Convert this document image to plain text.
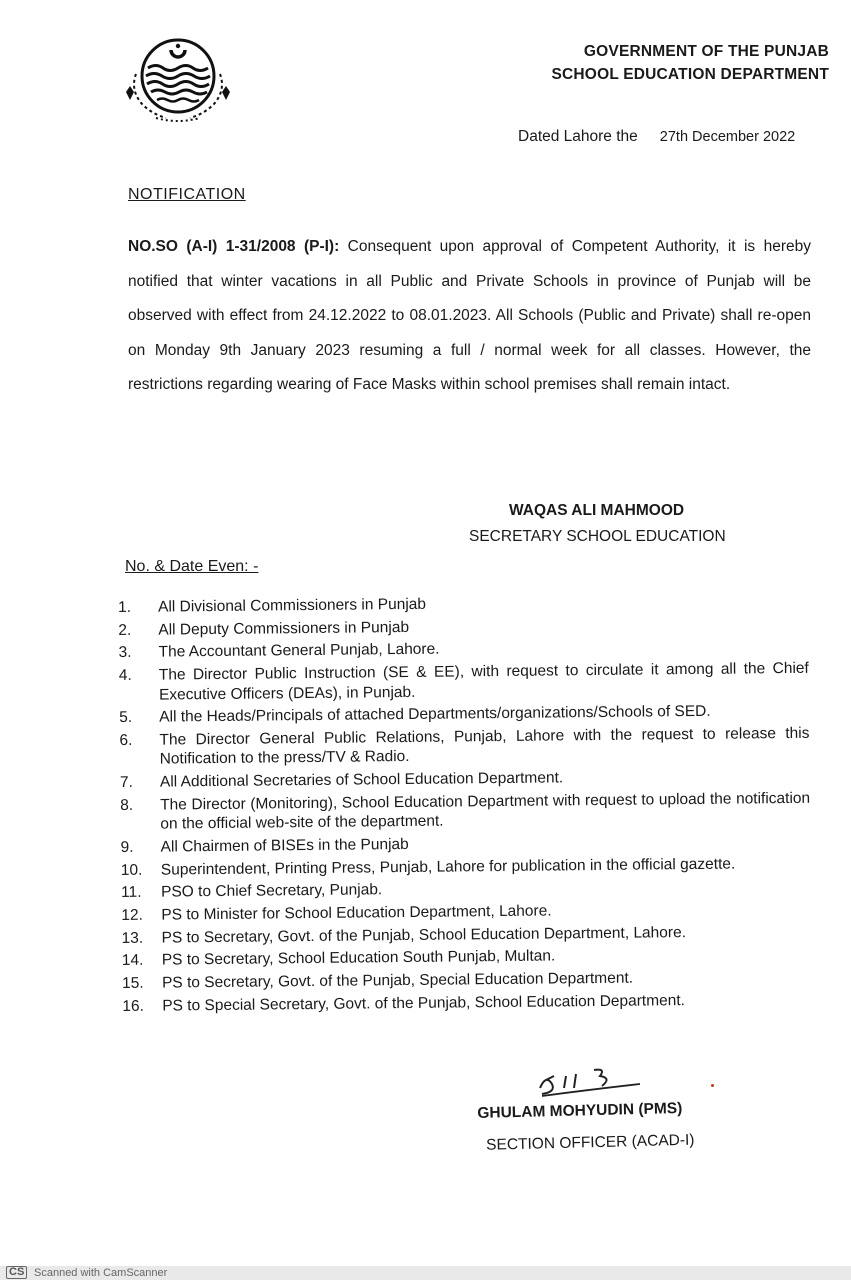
GOVERNMENT OF THE PUNJAB
SCHOOL EDUCATION DEPARTMENT
Dated Lahore the 27th December 2022
NOTIFICATION
NO.SO (A-I) 1-31/2008 (P-I): Consequent upon approval of Competent Authority, it is hereby notified that winter vacations in all Public and Private Schools in province of Punjab will be observed with effect from 24.12.2022 to 08.01.2023. All Schools (Public and Private) shall re-open on Monday 9th January 2023 resuming a full / normal week for all classes. However, the restrictions regarding wearing of Face Masks within school premises shall remain intact.
WAQAS ALI MAHMOOD
SECRETARY SCHOOL EDUCATION
No. & Date Even: -
1.	All Divisional Commissioners in Punjab
2.	All Deputy Commissioners in Punjab
3.	The Accountant General Punjab, Lahore.
4.	The Director Public Instruction (SE & EE), with request to circulate it among all the Chief Executive Officers (DEAs), in Punjab.
5.	All the Heads/Principals of attached Departments/organizations/Schools of SED.
6.	The Director General Public Relations, Punjab, Lahore with the request to release this Notification to the press/TV & Radio.
7.	All Additional Secretaries of School Education Department.
8.	The Director (Monitoring), School Education Department with request to upload the notification on the official web-site of the department.
9.	All Chairmen of BISEs in the Punjab
10.	Superintendent, Printing Press, Punjab, Lahore for publication in the official gazette.
11.	PSO to Chief Secretary, Punjab.
12.	PS to Minister for School Education Department, Lahore.
13.	PS to Secretary, Govt. of the Punjab, School Education Department, Lahore.
14.	PS to Secretary, School Education South Punjab, Multan.
15.	PS to Secretary, Govt. of the Punjab, Special Education Department.
16.	PS to Special Secretary, Govt. of the Punjab, School Education Department.
GHULAM MOHYUDIN (PMS)
SECTION OFFICER (ACAD-I)
CS Scanned with CamScanner
